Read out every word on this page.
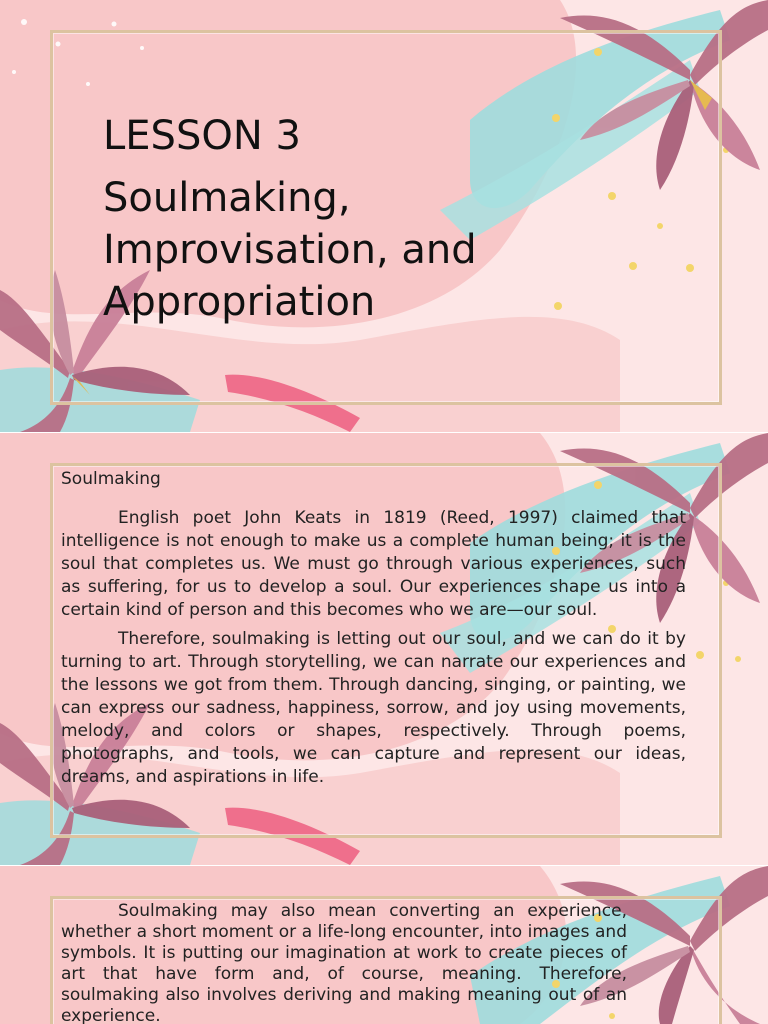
LESSON 3
Soulmaking, Improvisation, and Appropriation

Soulmaking

English poet John Keats in 1819 (Reed, 1997) claimed that intelligence is not enough to make us a complete human being; it is the soul that completes us. We must go through various experiences, such as suffering, for us to develop a soul. Our experiences shape us into a certain kind of person and this becomes who we are—our soul.

Therefore, soulmaking is letting out our soul, and we can do it by turning to art. Through storytelling, we can narrate our experiences and the lessons we got from them. Through dancing, singing, or painting, we can express our sadness, happiness, sorrow, and joy using movements, melody, and colors or shapes, respectively. Through poems, photographs, and tools, we can capture and represent our ideas, dreams, and aspirations in life.

Soulmaking may also mean converting an experience, whether a short moment or a life-long encounter, into images and symbols. It is putting our imagination at work to create pieces of art that have form and, of course, meaning. Therefore, soulmaking also involves deriving and making meaning out of an experience.
